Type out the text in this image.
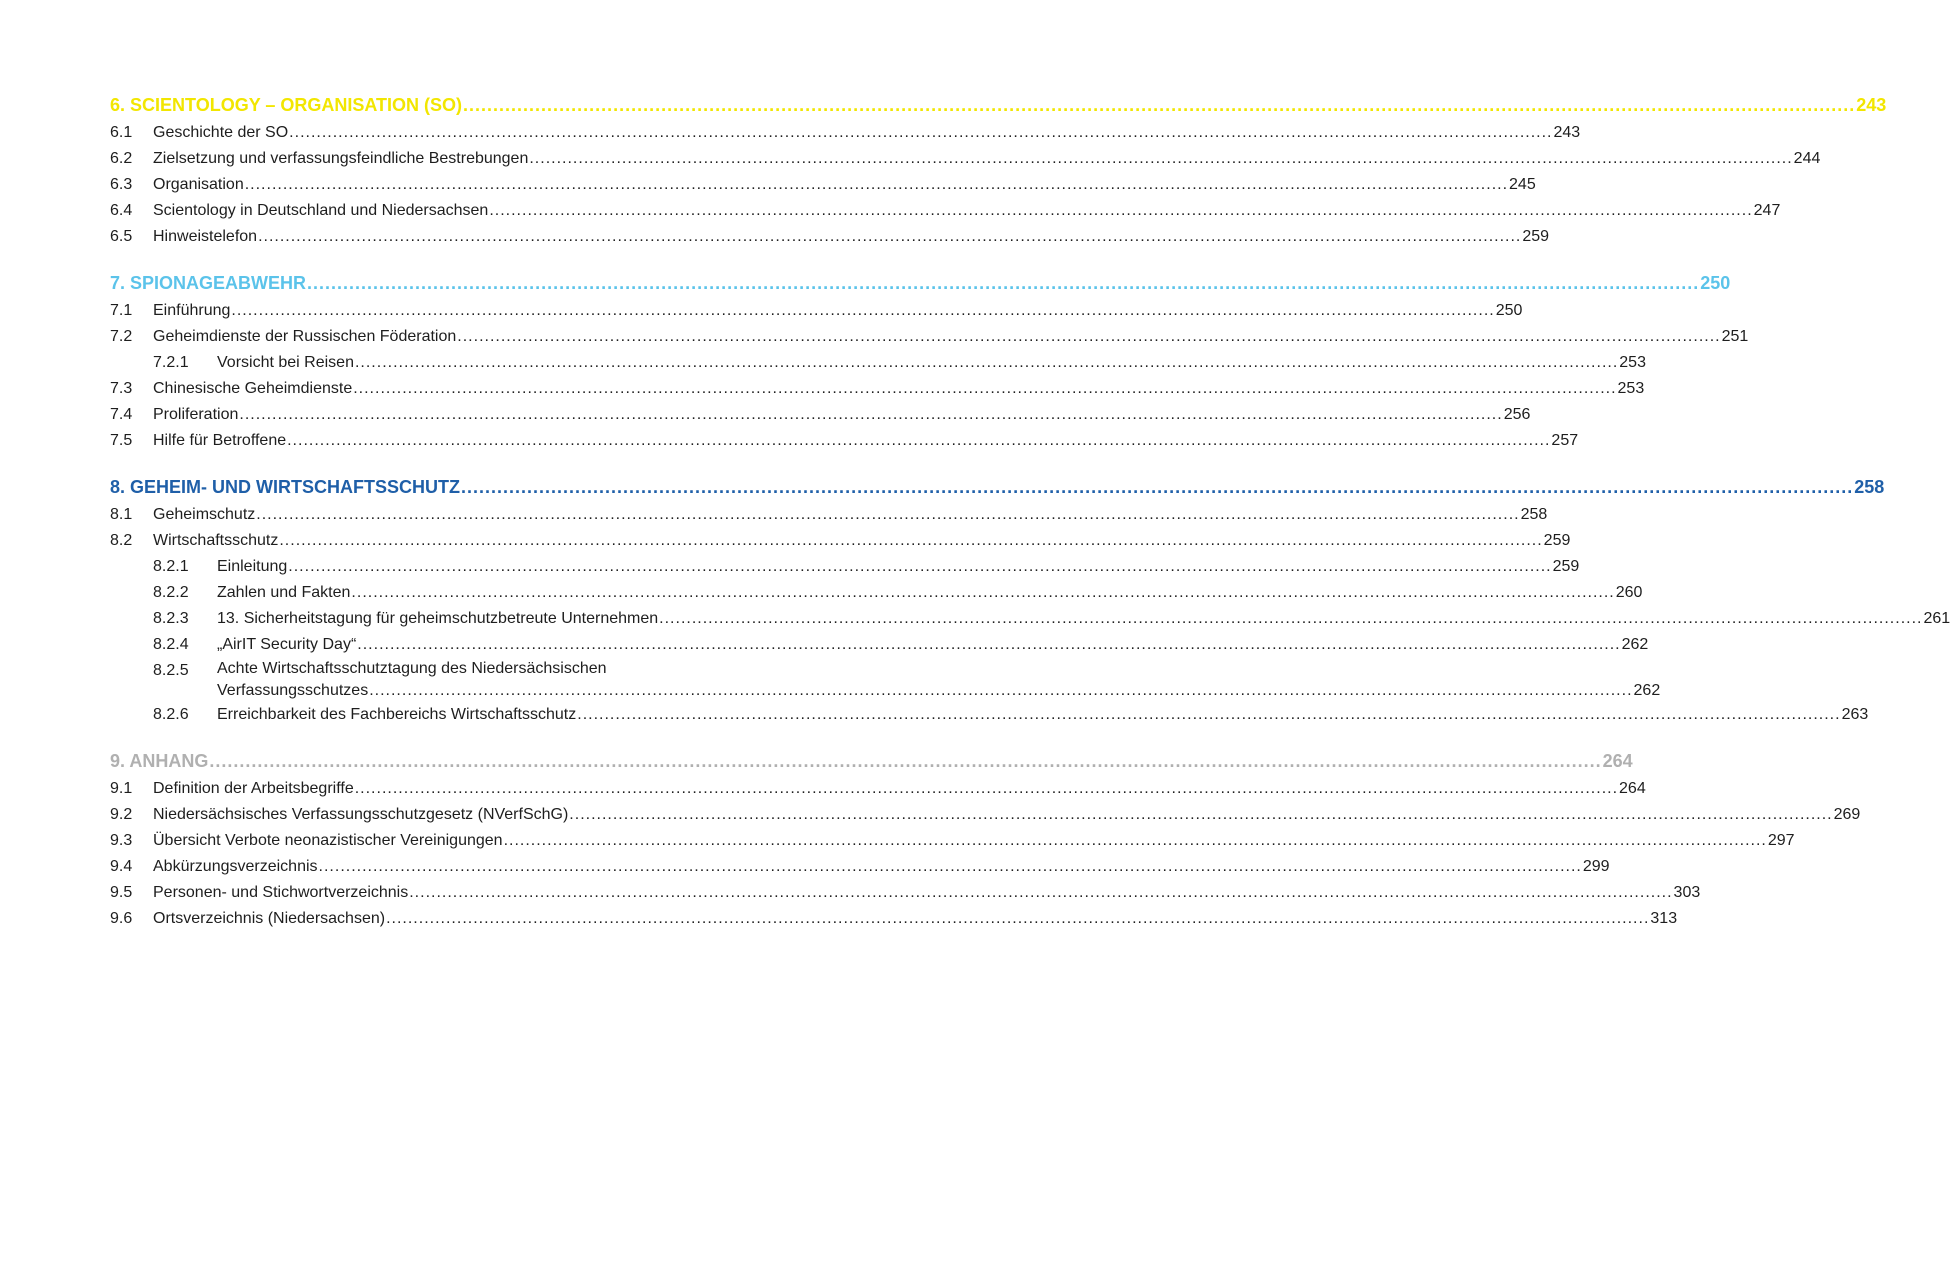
6. SCIENTOLOGY – ORGANISATION (SO) .....	243
6.1	Geschichte der SO .....	243
6.2	Zielsetzung und verfassungsfeindliche Bestrebungen .....	244
6.3	Organisation .....	245
6.4	Scientology in Deutschland und Niedersachsen .....	247
6.5	Hinweistelefon .....	259
7. SPIONAGEABWEHR .....	250
7.1	Einführung .....	250
7.2	Geheimdienste der Russischen Föderation .....	251
7.2.1	Vorsicht bei Reisen .....	253
7.3	Chinesische Geheimdienste .....	253
7.4	Proliferation .....	256
7.5	Hilfe für Betroffene .....	257
8. GEHEIM- UND WIRTSCHAFTSSCHUTZ .....	258
8.1	Geheimschutz .....	258
8.2	Wirtschaftsschutz .....	259
8.2.1	Einleitung .....	259
8.2.2	Zahlen und Fakten .....	260
8.2.3	13. Sicherheitstagung für geheimschutzbetreute Unternehmen .....	261
8.2.4	„AirIT Security Day“ .....	262
8.2.5	Achte Wirtschaftsschutztagung des Niedersächsischen
Verfassungsschutzes .....	262
8.2.6	Erreichbarkeit des Fachbereichs Wirtschaftsschutz .....	263
9. ANHANG .....	264
9.1	Definition der Arbeitsbegriffe .....	264
9.2	Niedersächsisches Verfassungsschutzgesetz (NVerfSchG) .....	269
9.3	Übersicht Verbote neonazistischer Vereinigungen .....	297
9.4	Abkürzungsverzeichnis .....	299
9.5	Personen- und Stichwortverzeichnis .....	303
9.6	Ortsverzeichnis (Niedersachsen) .....	313
